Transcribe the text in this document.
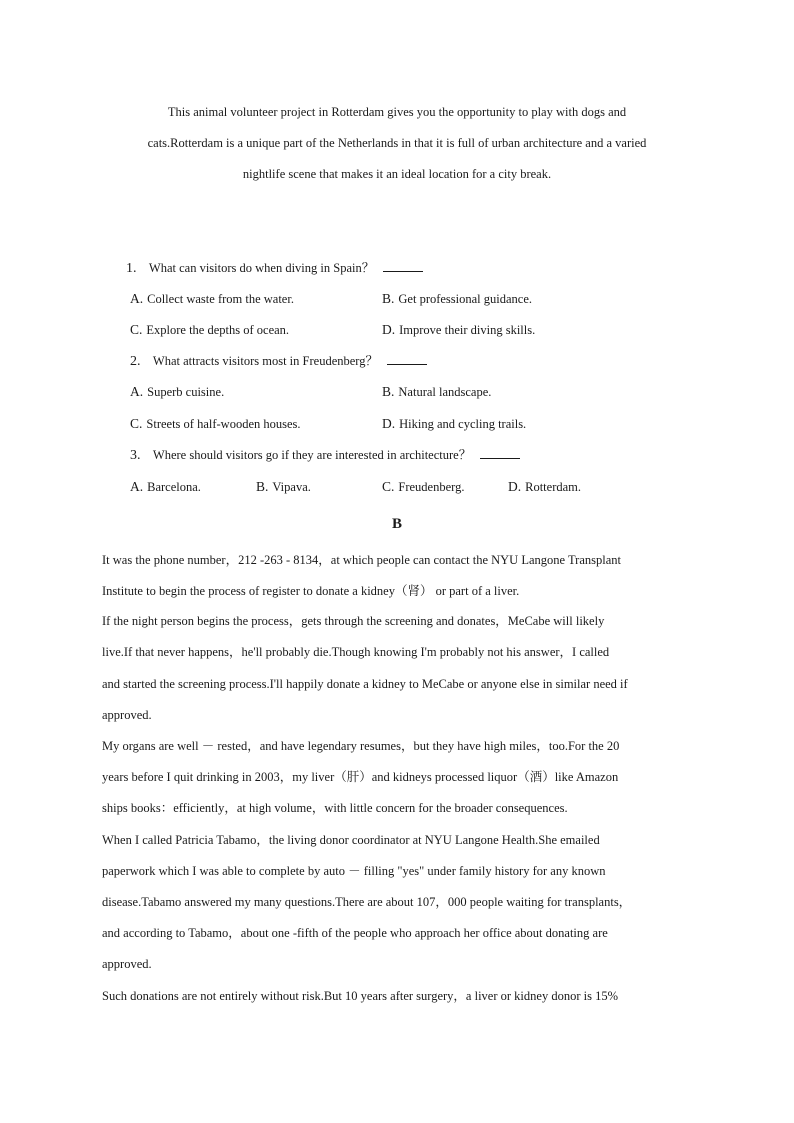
This animal volunteer project in Rotterdam gives you the opportunity to play with dogs and
cats.Rotterdam is a unique part of the Netherlands in that it is full of urban architecture and a varied
nightlife scene that makes it an ideal location for a city break.
1. What can visitors do when diving in Spain？
A. Collect waste from the water.	B. Get professional guidance.
C. Explore the depths of ocean.	D. Improve their diving skills.
2. What attracts visitors most in Freudenberg？
A. Superb cuisine.	B. Natural landscape.
C. Streets of half-wooden houses.	D. Hiking and cycling trails.
3. Where should visitors go if they are interested in architecture？
A. Barcelona.	B. Vipava.	C. Freudenberg.	D. Rotterdam.
B
It was the phone number，212 -263 - 8134，at which people can contact the NYU Langone Transplant
Institute to begin the process of register to donate a kidney（肾） or part of a liver.
If the night person begins the process，gets through the screening and donates，MeCabe will likely
live.If that never happens，he'll probably die.Though knowing I'm probably not his answer，I called
and started the screening process.I'll happily donate a kidney to MeCabe or anyone else in similar need if
approved.
My organs are well － rested，and have legendary resumes，but they have high miles，too.For the 20
years before I quit drinking in 2003，my liver（肝）and kidneys processed liquor（酒）like Amazon
ships books：efficiently，at high volume，with little concern for the broader consequences.
When I called Patricia Tabamo，the living donor coordinator at NYU Langone Health.She emailed
paperwork which I was able to complete by auto － filling "yes" under family history for any known
disease.Tabamo answered my many questions.There are about 107，000 people waiting for transplants，
and according to Tabamo，about one -fifth of the people who approach her office about donating are
approved.
Such donations are not entirely without risk.But 10 years after surgery，a liver or kidney donor is 15%
